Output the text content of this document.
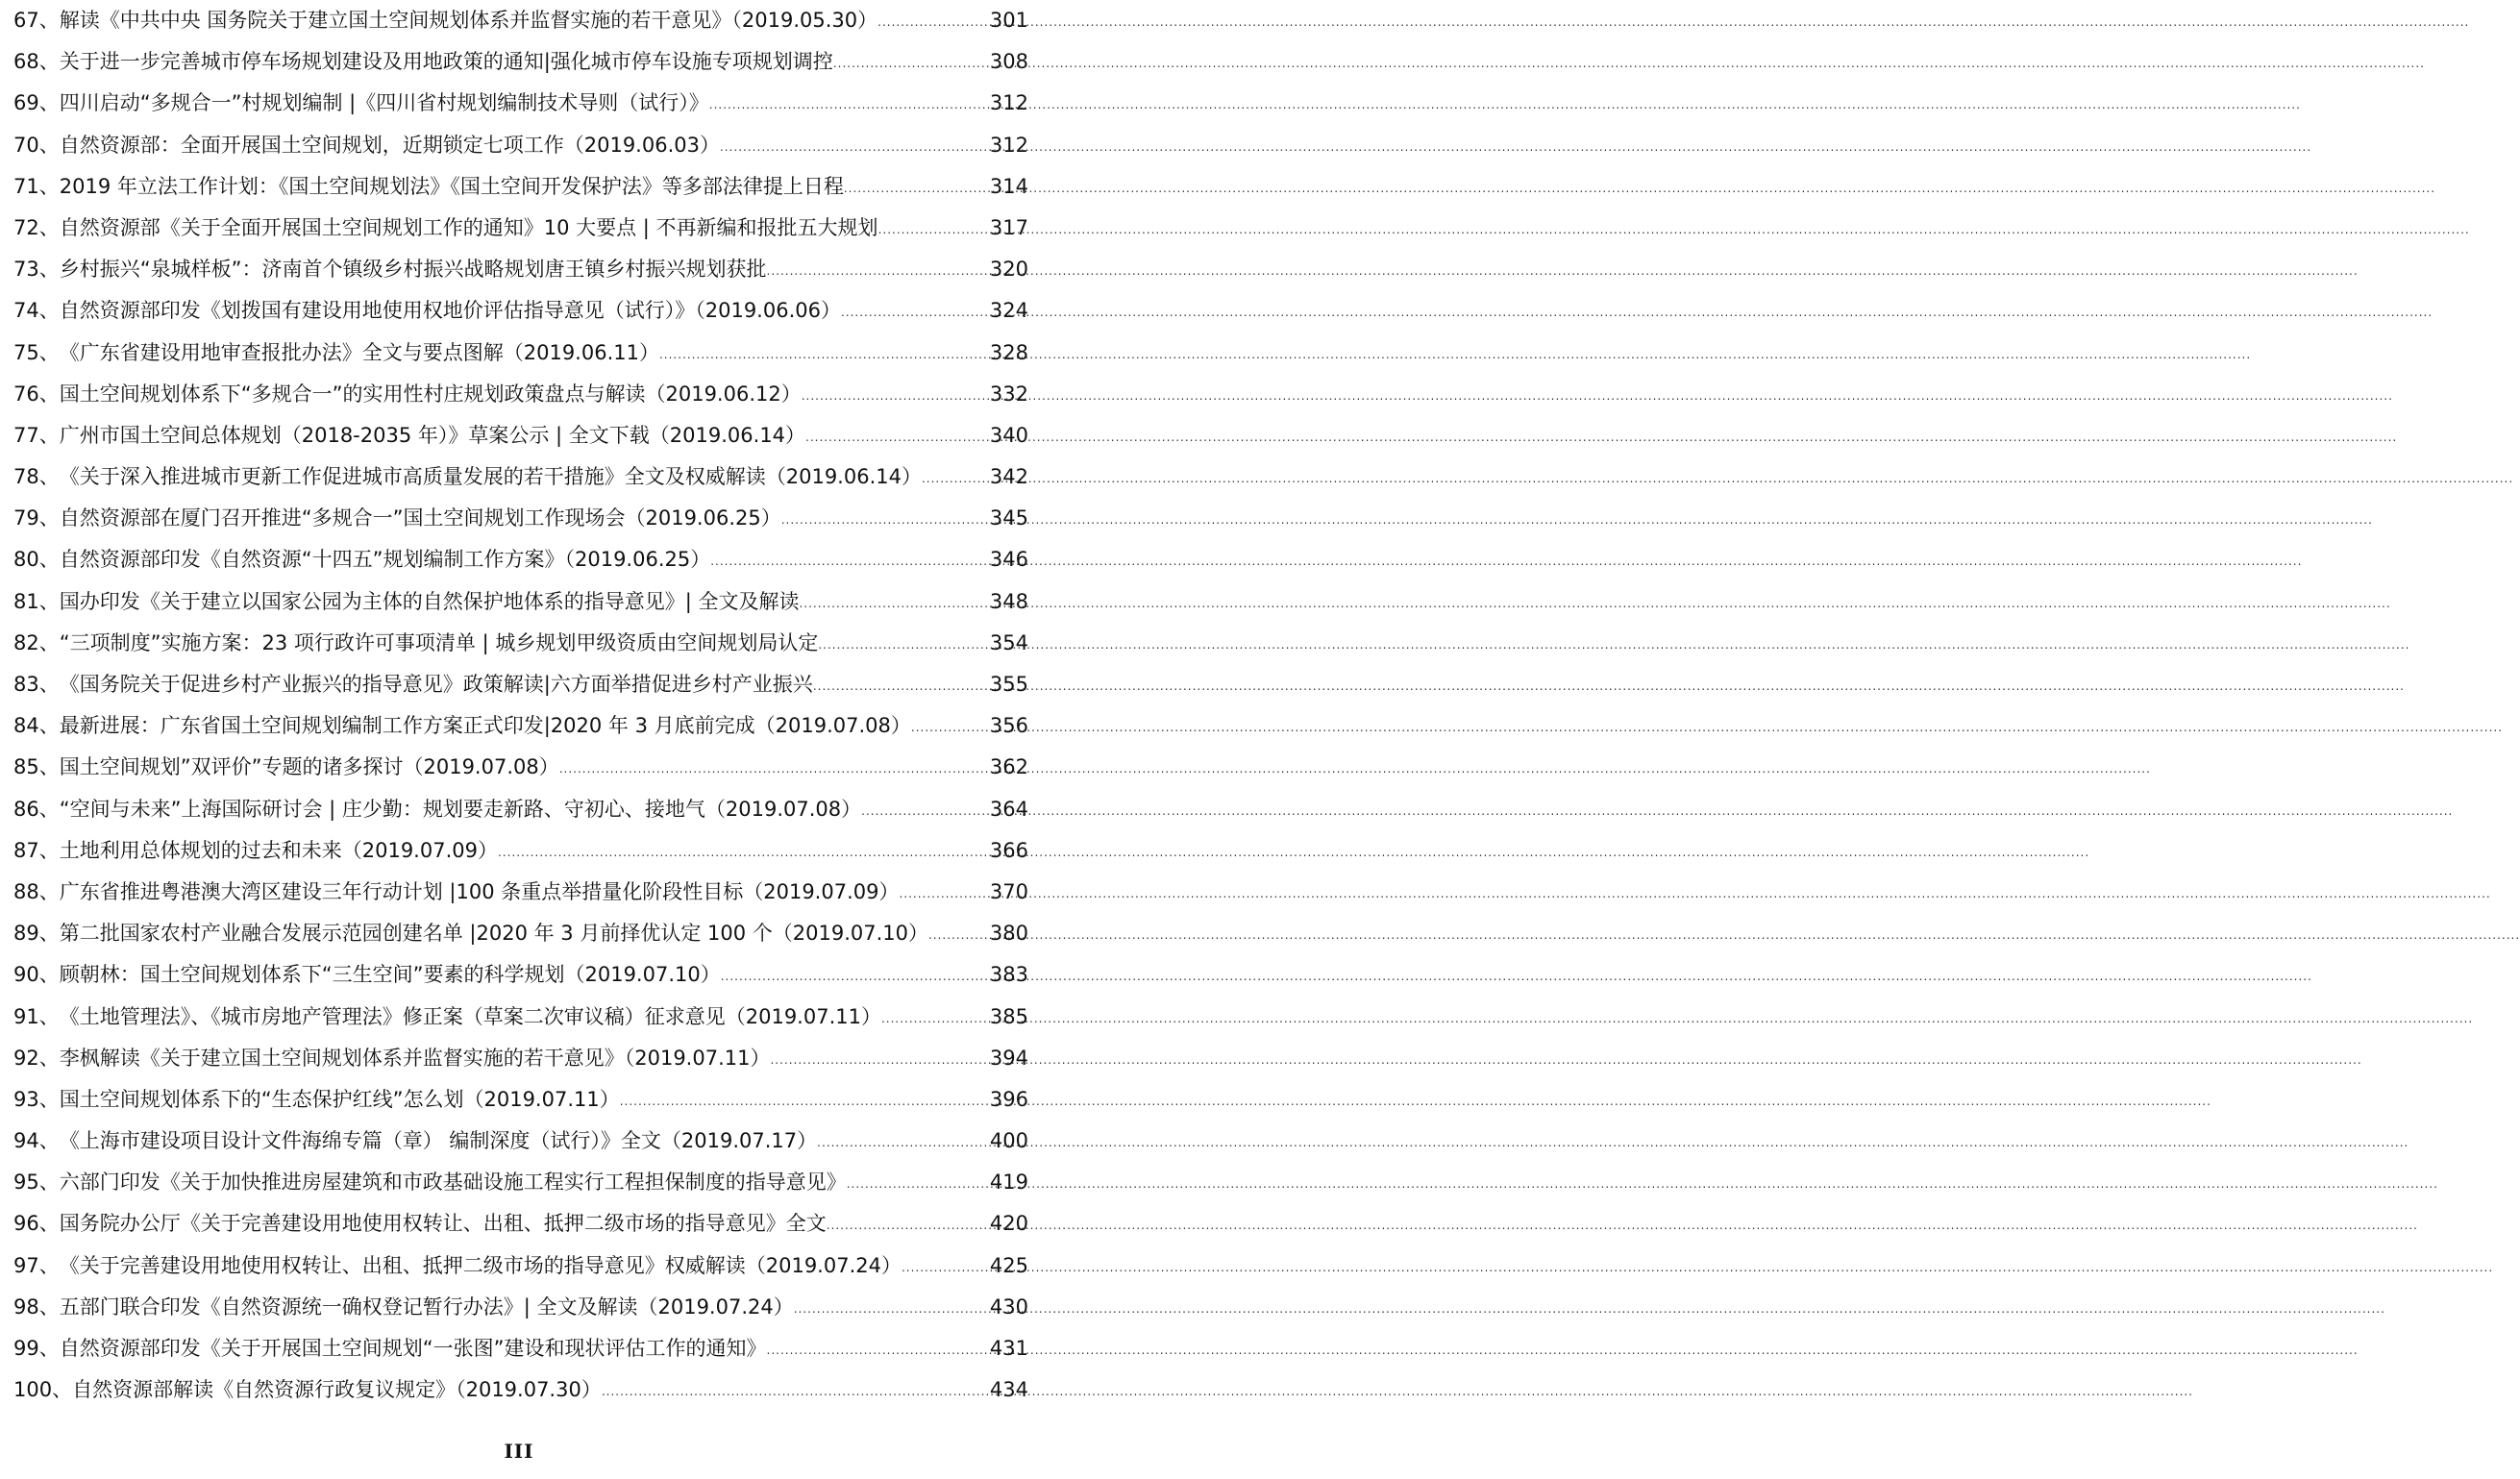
67、 解读《中共中央 国务院关于建立国土空间规划体系并监督实施的若干意见》（2019.05.30） .....	301
68、 关于进一步完善城市停车场规划建设及用地政策的通知|强化城市停车设施专项规划调控 .....	308
69、 四川启动“多规合一”村规划编制 |《四川省村规划编制技术导则（试行）》 .....	312
70、 自然资源部：全面开展国土空间规划，近期锁定七项工作（2019.06.03） .....	312
71、 2019 年立法工作计划：《国土空间规划法》《国土空间开发保护法》等多部法律提上日程 .....	314
72、 自然资源部《关于全面开展国土空间规划工作的通知》10 大要点 | 不再新编和报批五大规划 .....	317
73、 乡村振兴“泉城样板”：济南首个镇级乡村振兴战略规划唐王镇乡村振兴规划获批 .....	320
74、 自然资源部印发《划拨国有建设用地使用权地价评估指导意见（试行）》（2019.06.06） .....	324
75、 《广东省建设用地审查报批办法》全文与要点图解（2019.06.11） .....	328
76、 国土空间规划体系下“多规合一”的实用性村庄规划政策盘点与解读（2019.06.12） .....	332
77、 广州市国土空间总体规划（2018-2035 年）》草案公示 | 全文下载（2019.06.14） .....	340
78、 《关于深入推进城市更新工作促进城市高质量发展的若干措施》全文及权威解读（2019.06.14） .....	342
79、 自然资源部在厦门召开推进“多规合一”国土空间规划工作现场会（2019.06.25） .....	345
80、 自然资源部印发《自然资源“十四五”规划编制工作方案》（2019.06.25） .....	346
81、 国办印发《关于建立以国家公园为主体的自然保护地体系的指导意见》| 全文及解读 .....	348
82、 “三项制度”实施方案：23 项行政许可事项清单 | 城乡规划甲级资质由空间规划局认定 .....	354
83、 《国务院关于促进乡村产业振兴的指导意见》政策解读|六方面举措促进乡村产业振兴 .....	355
84、 最新进展：广东省国土空间规划编制工作方案正式印发|2020 年 3 月底前完成（2019.07.08） .....	356
85、 国土空间规划”双评价”专题的诸多探讨（2019.07.08） .....	362
86、 “空间与未来”上海国际研讨会 | 庄少勤：规划要走新路、守初心、接地气（2019.07.08） .....	364
87、 土地利用总体规划的过去和未来（2019.07.09） .....	366
88、 广东省推进粤港澳大湾区建设三年行动计划 |100 条重点举措量化阶段性目标（2019.07.09） .....	370
89、 第二批国家农村产业融合发展示范园创建名单 |2020 年 3 月前择优认定 100 个（2019.07.10） .....	380
90、 顾朝林：国土空间规划体系下“三生空间”要素的科学规划（2019.07.10） .....	383
91、 《土地管理法》、《城市房地产管理法》修正案（草案二次审议稿）征求意见（2019.07.11） .....	385
92、 李枫解读《关于建立国土空间规划体系并监督实施的若干意见》（2019.07.11） .....	394
93、 国土空间规划体系下的“生态保护红线”怎么划（2019.07.11） .....	396
94、 《上海市建设项目设计文件海绵专篇（章） 编制深度（试行）》全文（2019.07.17） .....	400
95、 六部门印发《关于加快推进房屋建筑和市政基础设施工程实行工程担保制度的指导意见》 .....	419
96、 国务院办公厅《关于完善建设用地使用权转让、出租、抵押二级市场的指导意见》全文 .....	420
97、 《关于完善建设用地使用权转让、出租、抵押二级市场的指导意见》权威解读（2019.07.24） .....	425
98、 五部门联合印发《自然资源统一确权登记暂行办法》| 全文及解读（2019.07.24） .....	430
99、 自然资源部印发《关于开展国土空间规划“一张图”建设和现状评估工作的通知》 .....	431
100、 自然资源部解读《自然资源行政复议规定》（2019.07.30） .....	434
III
